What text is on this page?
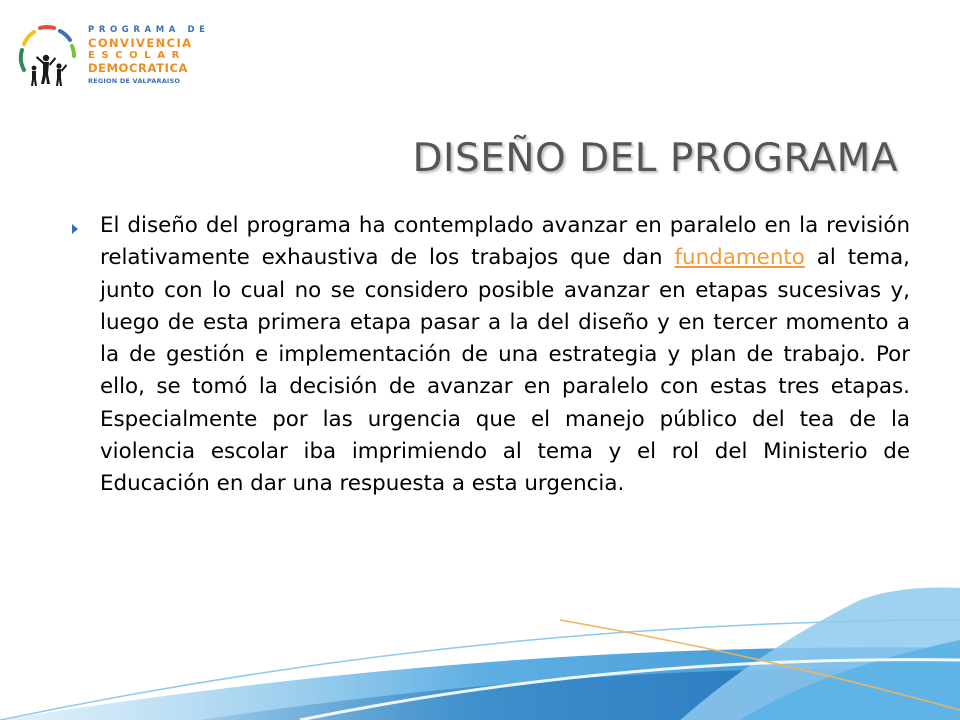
PROGRAMA DE
CONVIVENCIA
ESCOLAR
DEMOCRATICA
REGION DE VALPARAISO
DISEÑO DEL PROGRAMA

El diseño del programa ha contemplado avanzar en paralelo en la revisión relativamente exhaustiva de los trabajos que dan fundamento al tema, junto con lo cual no se considero posible avanzar en etapas sucesivas y, luego de esta primera etapa pasar a la del diseño y en tercer momento a la de gestión e implementación de una estrategia y plan de trabajo. Por ello, se tomó la decisión de avanzar en paralelo con estas tres etapas. Especialmente por las urgencia que el manejo público del tea de la violencia escolar iba imprimiendo al tema y el rol del Ministerio de Educación en dar una respuesta a esta urgencia.
